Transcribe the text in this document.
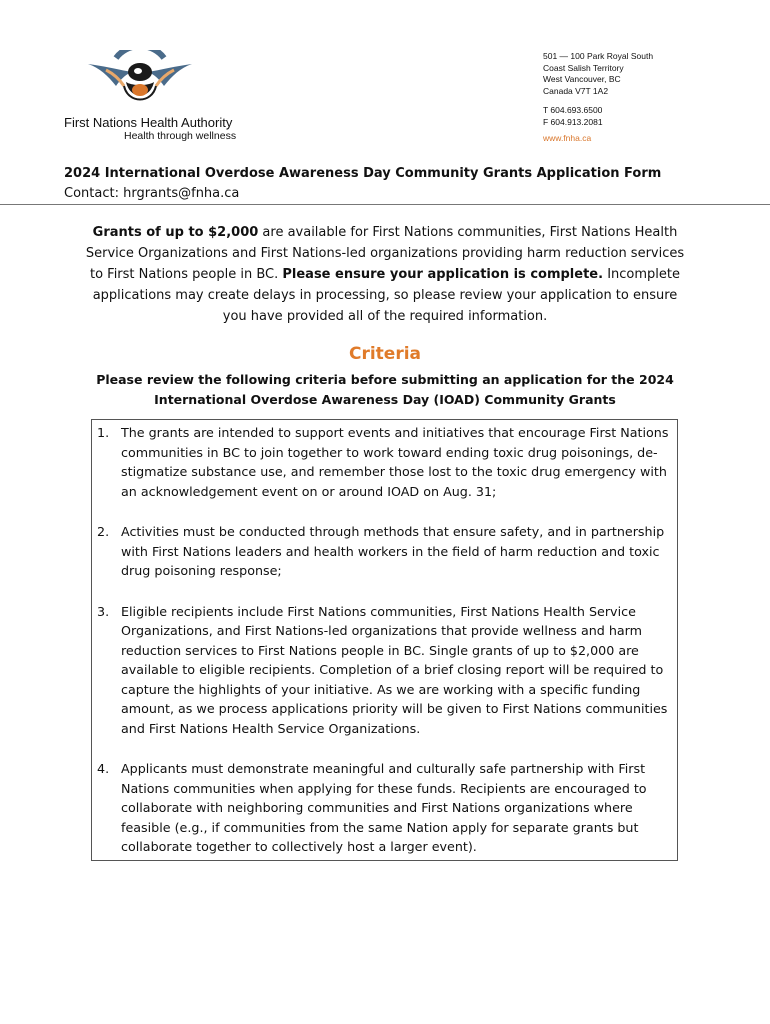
First Nations Health Authority
Health through wellness
501 — 100 Park Royal South
Coast Salish Territory
West Vancouver, BC
Canada V7T 1A2
T 604.693.6500
F 604.913.2081
www.fnha.ca
2024 International Overdose Awareness Day Community Grants Application Form
Contact: hrgrants@fnha.ca
Grants of up to $2,000 are available for First Nations communities, First Nations Health Service Organizations and First Nations-led organizations providing harm reduction services to First Nations people in BC. Please ensure your application is complete. Incomplete applications may create delays in processing, so please review your application to ensure you have provided all of the required information.
Criteria
Please review the following criteria before submitting an application for the 2024 International Overdose Awareness Day (IOAD) Community Grants
1. The grants are intended to support events and initiatives that encourage First Nations communities in BC to join together to work toward ending toxic drug poisonings, de-stigmatize substance use, and remember those lost to the toxic drug emergency with an acknowledgement event on or around IOAD on Aug. 31;
2. Activities must be conducted through methods that ensure safety, and in partnership with First Nations leaders and health workers in the field of harm reduction and toxic drug poisoning response;
3. Eligible recipients include First Nations communities, First Nations Health Service Organizations, and First Nations-led organizations that provide wellness and harm reduction services to First Nations people in BC. Single grants of up to $2,000 are available to eligible recipients. Completion of a brief closing report will be required to capture the highlights of your initiative. As we are working with a specific funding amount, as we process applications priority will be given to First Nations communities and First Nations Health Service Organizations.
4. Applicants must demonstrate meaningful and culturally safe partnership with First Nations communities when applying for these funds. Recipients are encouraged to collaborate with neighboring communities and First Nations organizations where feasible (e.g., if communities from the same Nation apply for separate grants but collaborate together to collectively host a larger event).
